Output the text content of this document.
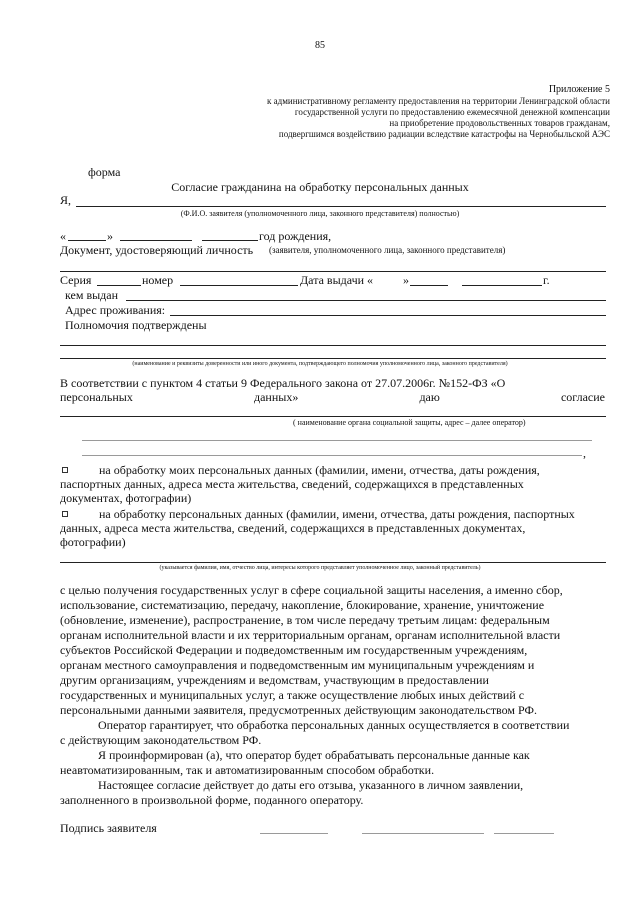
85
Приложение 5
к административному регламенту предоставления на территории Ленинградской области
государственной услуги по предоставлению ежемесячной денежной компенсации
на приобретение продовольственных товаров гражданам,
подвергшимся воздействию радиации вследствие катастрофы на Чернобыльской АЭС
форма
Согласие гражданина на обработку персональных данных
Я,
(Ф.И.О. заявителя (уполномоченного лица, законного представителя) полностью)
«	»	год рождения,
Документ, удостоверяющий личность (заявителя, уполномоченного лица, законного представителя)
Серия	номер	Дата выдачи « »	г.
кем выдан
Адрес проживания:
Полномочия подтверждены
(наименование и реквизиты доверенности или иного документа, подтверждающего полномочия уполномоченного лица, законного представителя)
В соответствии с пунктом 4 статьи 9 Федерального закона от 27.07.2006г. №152-ФЗ «О
персональных	данных»	даю	согласие
( наименование органа социальной защиты, адрес – далее оператор)
,
на обработку моих персональных данных (фамилии, имени, отчества, даты рождения,
паспортных данных, адреса места жительства, сведений, содержащихся в представленных
документах, фотографии)
на обработку персональных данных (фамилии, имени, отчества, даты рождения, паспортных
данных, адреса места жительства, сведений, содержащихся в представленных документах,
фотографии)
(указывается фамилия, имя, отчество лица, интересы которого представляет уполномоченное лицо, законный представитель)
с целью получения государственных услуг в сфере социальной защиты населения, а именно сбор,
использование, систематизацию, передачу, накопление, блокирование, хранение, уничтожение
(обновление, изменение), распространение, в том числе передачу третьим лицам: федеральным
органам исполнительной власти и их территориальным органам, органам исполнительной власти
субъектов Российской Федерации и подведомственным им государственным учреждениям,
органам местного самоуправления и подведомственным им муниципальным учреждениям и
другим организациям, учреждениям и ведомствам, участвующим в предоставлении
государственных и муниципальных услуг, а также осуществление любых иных действий с
персональными данными заявителя, предусмотренных действующим законодательством РФ.
Оператор гарантирует, что обработка персональных данных осуществляется в соответствии
с действующим законодательством РФ.
Я проинформирован (а), что оператор будет обрабатывать персональные данные как
неавтоматизированным, так и автоматизированным способом обработки.
Настоящее согласие действует до даты его отзыва, указанного в личном заявлении,
заполненного в произвольной форме, поданного оператору.
Подпись заявителя
